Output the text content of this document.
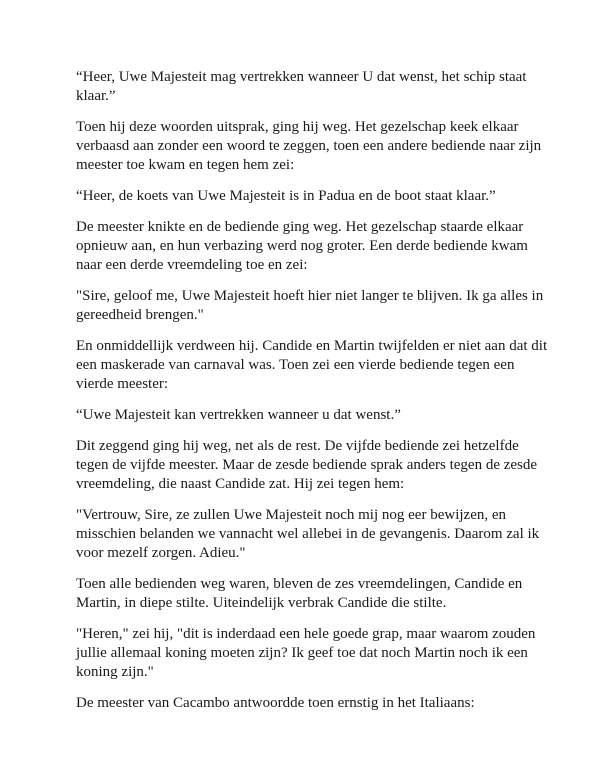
“Heer, Uwe Majesteit mag vertrekken wanneer U dat wenst, het schip staat klaar.”

Toen hij deze woorden uitsprak, ging hij weg. Het gezelschap keek elkaar verbaasd aan zonder een woord te zeggen, toen een andere bediende naar zijn meester toe kwam en tegen hem zei:

“Heer, de koets van Uwe Majesteit is in Padua en de boot staat klaar.”

De meester knikte en de bediende ging weg. Het gezelschap staarde elkaar opnieuw aan, en hun verbazing werd nog groter. Een derde bediende kwam naar een derde vreemdeling toe en zei:

"Sire, geloof me, Uwe Majesteit hoeft hier niet langer te blijven. Ik ga alles in gereedheid brengen."

En onmiddellijk verdween hij. Candide en Martin twijfelden er niet aan dat dit een maskerade van carnaval was. Toen zei een vierde bediende tegen een vierde meester:

“Uwe Majesteit kan vertrekken wanneer u dat wenst.”

Dit zeggend ging hij weg, net als de rest. De vijfde bediende zei hetzelfde tegen de vijfde meester. Maar de zesde bediende sprak anders tegen de zesde vreemdeling, die naast Candide zat. Hij zei tegen hem:

"Vertrouw, Sire, ze zullen Uwe Majesteit noch mij nog eer bewijzen, en misschien belanden we vannacht wel allebei in de gevangenis. Daarom zal ik voor mezelf zorgen. Adieu."

Toen alle bedienden weg waren, bleven de zes vreemdelingen, Candide en Martin, in diepe stilte. Uiteindelijk verbrak Candide die stilte.

"Heren," zei hij, "dit is inderdaad een hele goede grap, maar waarom zouden jullie allemaal koning moeten zijn? Ik geef toe dat noch Martin noch ik een koning zijn."

De meester van Cacambo antwoordde toen ernstig in het Italiaans:
